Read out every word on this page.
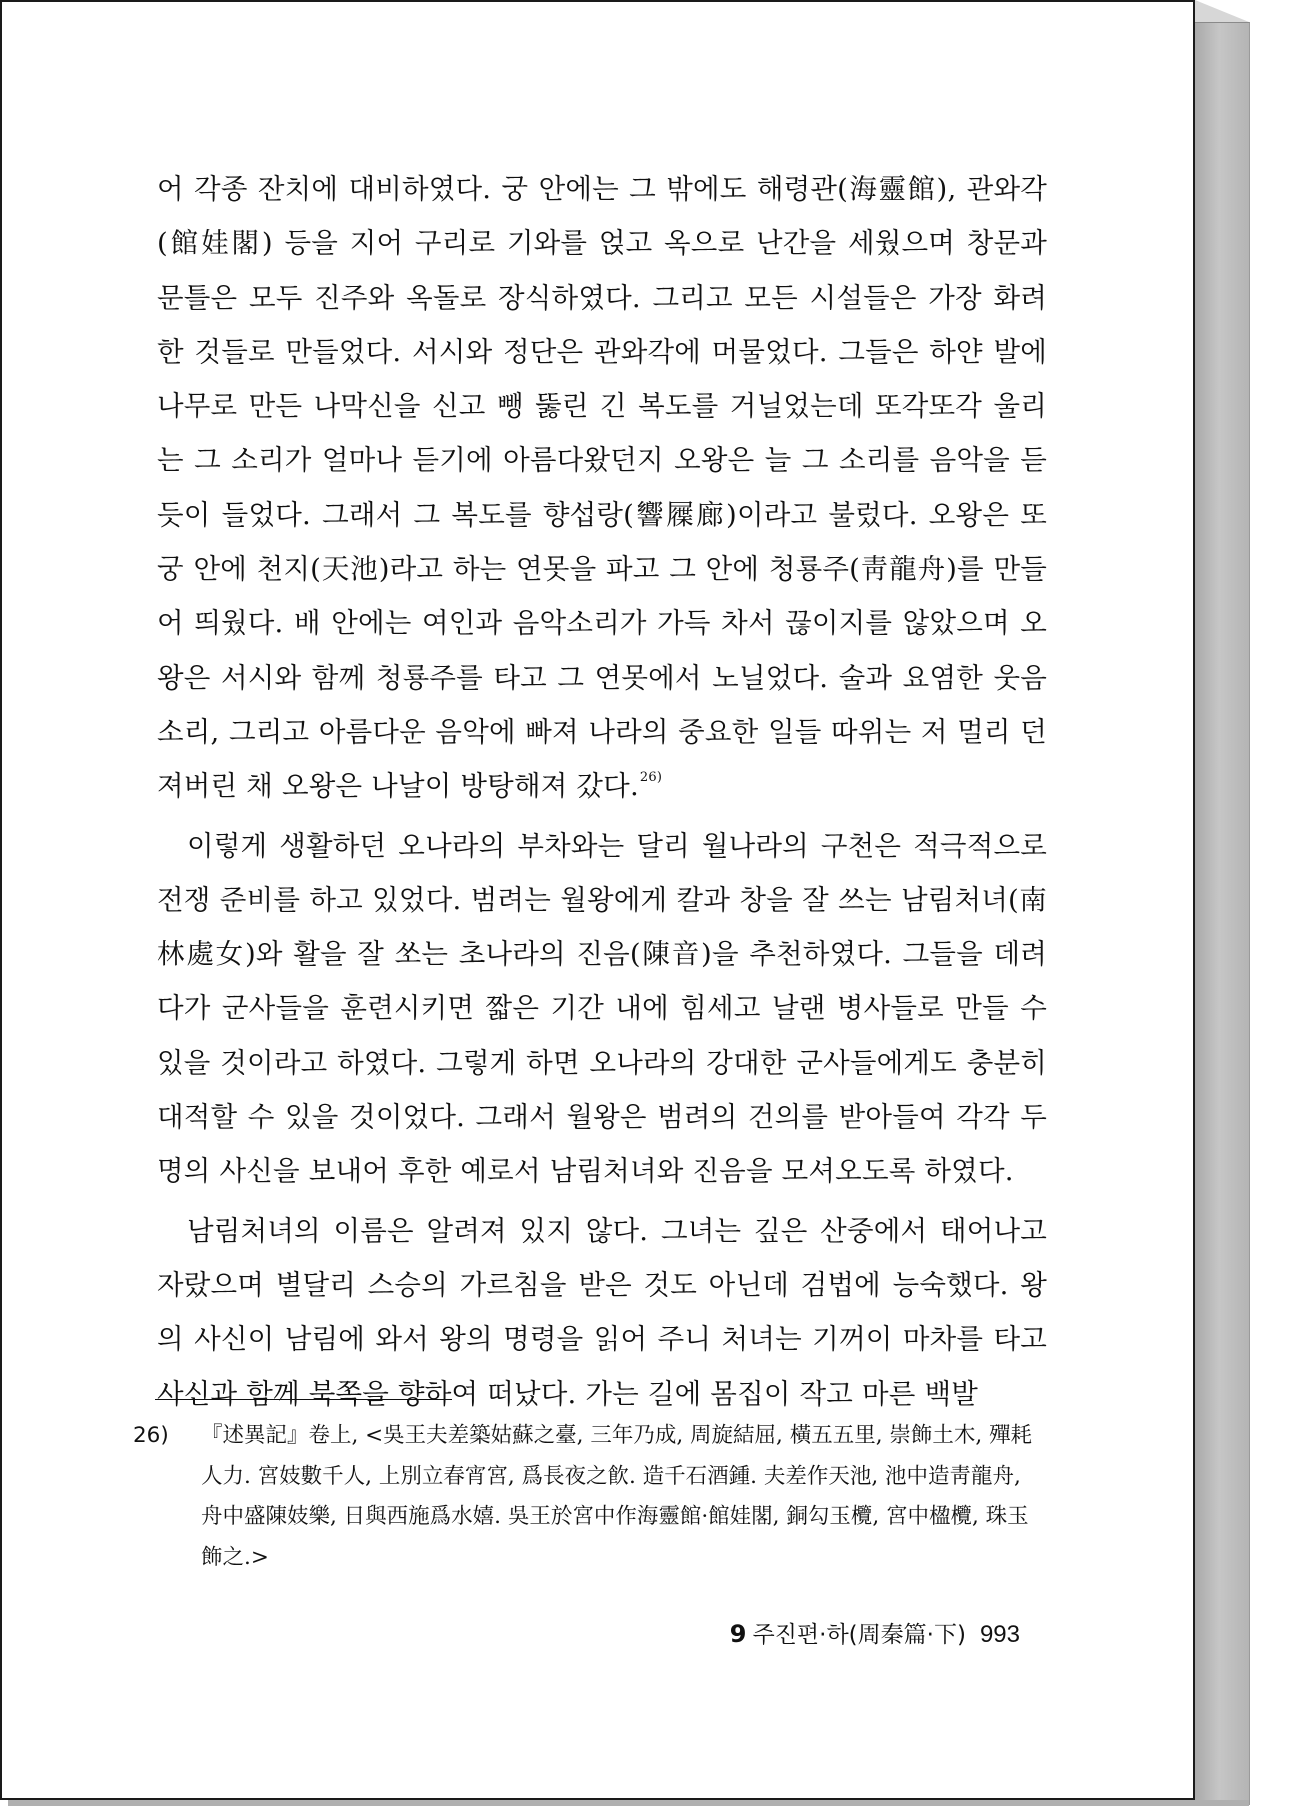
어 각종 잔치에 대비하였다. 궁 안에는 그 밖에도 해령관(海靈館), 관와각(館娃閣) 등을 지어 구리로 기와를 얹고 옥으로 난간을 세웠으며 창문과 문틀은 모두 진주와 옥돌로 장식하였다. 그리고 모든 시설들은 가장 화려한 것들로 만들었다. 서시와 정단은 관와각에 머물었다. 그들은 하얀 발에 나무로 만든 나막신을 신고 뺑 뚫린 긴 복도를 거닐었는데 또각또각 울리는 그 소리가 얼마나 듣기에 아름다왔던지 오왕은 늘 그 소리를 음악을 듣듯이 들었다. 그래서 그 복도를 향섭랑(響屧廊)이라고 불렀다. 오왕은 또 궁 안에 천지(天池)라고 하는 연못을 파고 그 안에 청룡주(靑龍舟)를 만들어 띄웠다. 배 안에는 여인과 음악소리가 가득 차서 끊이지를 않았으며 오왕은 서시와 함께 청룡주를 타고 그 연못에서 노닐었다. 술과 요염한 웃음소리, 그리고 아름다운 음악에 빠져 나라의 중요한 일들 따위는 저 멀리 던져버린 채 오왕은 나날이 방탕해져 갔다.$^{26)}$

이렇게 생활하던 오나라의 부차와는 달리 월나라의 구천은 적극적으로 전쟁 준비를 하고 있었다. 범려는 월왕에게 칼과 창을 잘 쓰는 남림처녀(南林處女)와 활을 잘 쏘는 초나라의 진음(陳音)을 추천하였다. 그들을 데려다가 군사들을 훈련시키면 짧은 기간 내에 힘세고 날랜 병사들로 만들 수 있을 것이라고 하였다. 그렇게 하면 오나라의 강대한 군사들에게도 충분히 대적할 수 있을 것이었다. 그래서 월왕은 범려의 건의를 받아들여 각각 두 명의 사신을 보내어 후한 예로서 남림처녀와 진음을 모셔오도록 하였다.

남림처녀의 이름은 알려져 있지 않다. 그녀는 깊은 산중에서 태어나고 자랐으며 별달리 스승의 가르침을 받은 것도 아닌데 검법에 능숙했다. 왕의 사신이 남림에 와서 왕의 명령을 읽어 주니 처녀는 기꺼이 마차를 타고 사신과 함께 북쪽을 향하여 떠났다. 가는 길에 몸집이 작고 마른 백발

26) 『述異記』卷上, <吳王夫差築姑蘇之臺, 三年乃成, 周旋結屈, 橫五五里, 崇飾土木, 殫耗人力. 宮妓數千人, 上別立春宵宮, 爲長夜之飮. 造千石酒鍾. 夫差作天池, 池中造靑龍舟, 舟中盛陳妓樂, 日與西施爲水嬉. 吳王於宮中作海靈館·館娃閣, 銅勾玉欖, 宮中楹欖, 珠玉飾之.>
9 주진편·하(周秦篇·下) 993
